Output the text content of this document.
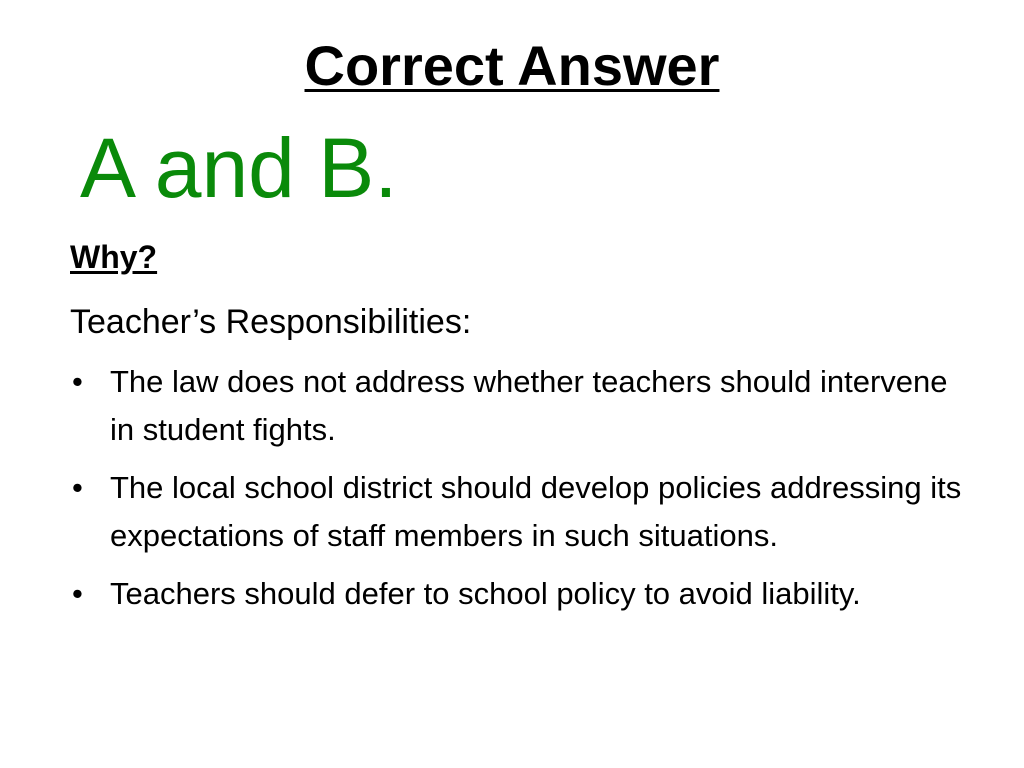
Correct Answer
A and B.
Why?
Teacher’s Responsibilities:
• The law does not address whether teachers should intervene in student fights.
• The local school district should develop policies addressing its expectations of staff members in such situations.
• Teachers should defer to school policy to avoid liability.
